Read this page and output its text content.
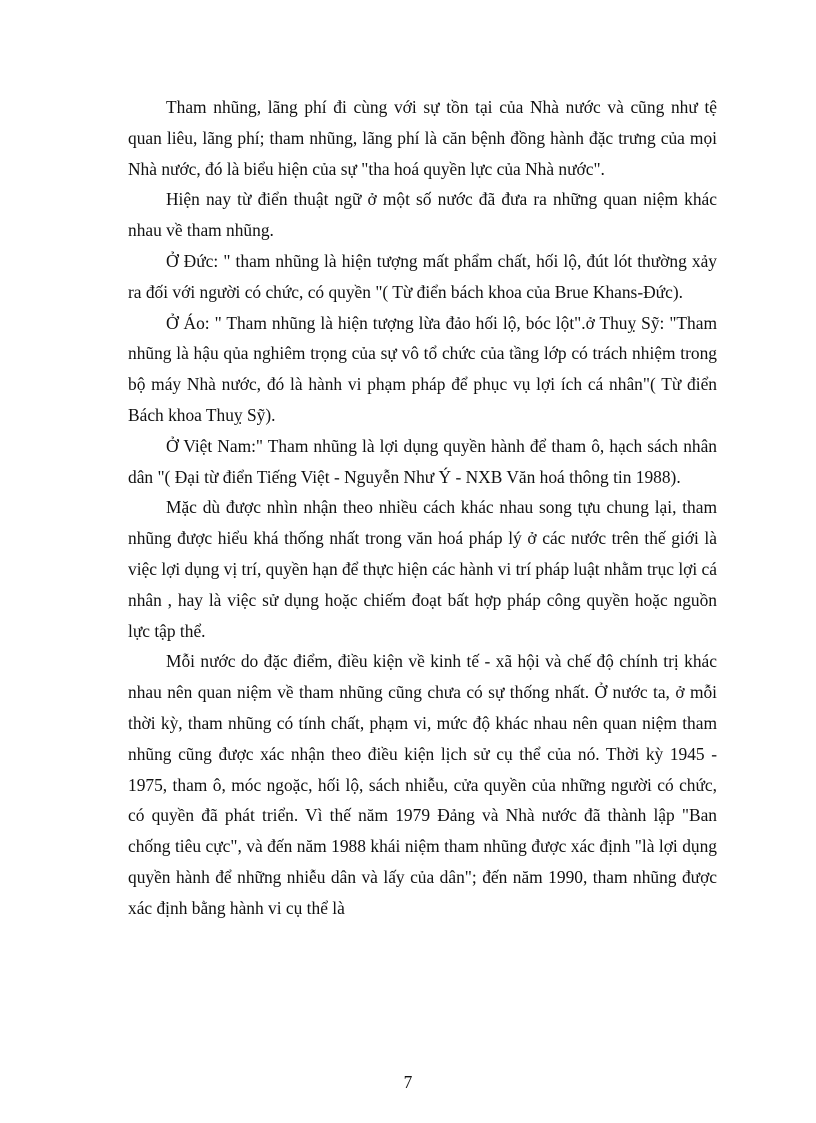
Tham nhũng, lãng phí đi cùng với sự tồn tại của Nhà nước và cũng như tệ quan liêu, lãng phí; tham nhũng, lãng phí là căn bệnh đồng hành đặc trưng của mọi Nhà nước, đó là biểu hiện của sự "tha hoá quyền lực của Nhà nước".

Hiện nay từ điển thuật ngữ ở một số nước đã đưa ra những quan niệm khác nhau về tham nhũng.

Ở Đức: " tham nhũng là hiện tượng mất phẩm chất, hối lộ, đút lót thường xảy ra đối với người có chức, có quyền "( Từ điển bách khoa của Brue Khans-Đức).

Ở Áo: " Tham nhũng là hiện tượng lừa đảo hối lộ, bóc lột".ở Thuỵ Sỹ: "Tham nhũng là hậu qủa nghiêm trọng của sự vô tổ chức của tầng lớp có trách nhiệm trong bộ máy Nhà nước, đó là hành vi phạm pháp để phục vụ lợi ích cá nhân"( Từ điển Bách khoa Thuỵ Sỹ).

Ở Việt Nam:" Tham nhũng là lợi dụng quyền hành để tham ô, hạch sách nhân dân "( Đại từ điển Tiếng Việt - Nguyễn Như Ý - NXB Văn hoá thông tin 1988).

Mặc dù được nhìn nhận theo nhiều cách khác nhau song tựu chung lại, tham nhũng được hiểu khá thống nhất trong văn hoá pháp lý ở các nước trên thế giới là việc lợi dụng vị trí, quyền hạn để thực hiện các hành vi trí pháp luật nhằm trục lợi cá nhân , hay là việc sử dụng hoặc chiếm đoạt bất hợp pháp công quyền hoặc nguồn lực tập thể.

Mỗi nước do đặc điểm, điều kiện về kinh tế - xã hội và chế độ chính trị khác nhau nên quan niệm về tham nhũng cũng chưa có sự thống nhất. Ở nước ta, ở mỗi thời kỳ, tham nhũng có tính chất, phạm vi, mức độ khác nhau nên quan niệm tham nhũng cũng được xác nhận theo điều kiện lịch sử cụ thể của nó. Thời kỳ 1945 - 1975, tham ô, móc ngoặc, hối lộ, sách nhiễu, cửa quyền của những người có chức, có quyền đã phát triển. Vì thế năm 1979 Đảng và Nhà nước đã thành lập "Ban chống tiêu cực", và đến năm 1988 khái niệm tham nhũng được xác định "là lợi dụng quyền hành để những nhiễu dân và lấy của dân"; đến năm 1990, tham nhũng được xác định bằng hành vi cụ thể là

7
